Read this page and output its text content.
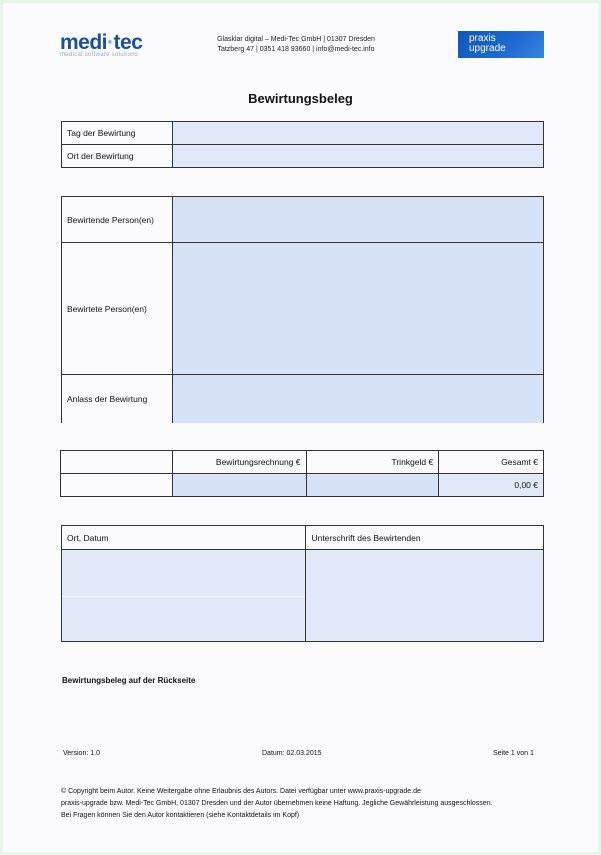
medi·tec
medical software solutions
Glasklar digital – Medi-Tec GmbH | 01307 Dresden
Tatzberg 47 | 0351 418 93660 | info@medi-tec.info
praxis
upgrade
Bewirtungsbeleg
Tag der Bewirtung	
Ort der Bewirtung	
Bewirtende Person(en)	
Bewirtete Person(en)	
Anlass der Bewirtung	
	Bewirtungsrechnung €	Trinkgeld €	Gesamt €
			0,00 €
Ort, Datum	Unterschrift des Bewirtenden

Bewirtungsbeleg auf der Rückseite
Version: 1.0	Datum: 02.03.2015	Seite 1 von 1
© Copyright beim Autor. Keine Weitergabe ohne Erlaubnis des Autors. Datei verfügbar unter www.praxis-upgrade.de
praxis-upgrade bzw. Medi-Tec GmbH, 01307 Dresden und der Autor übernehmen keine Haftung. Jegliche Gewährleistung ausgeschlossen.
Bei Fragen können Sie den Autor kontaktieren (siehe Kontaktdetails im Kopf)
